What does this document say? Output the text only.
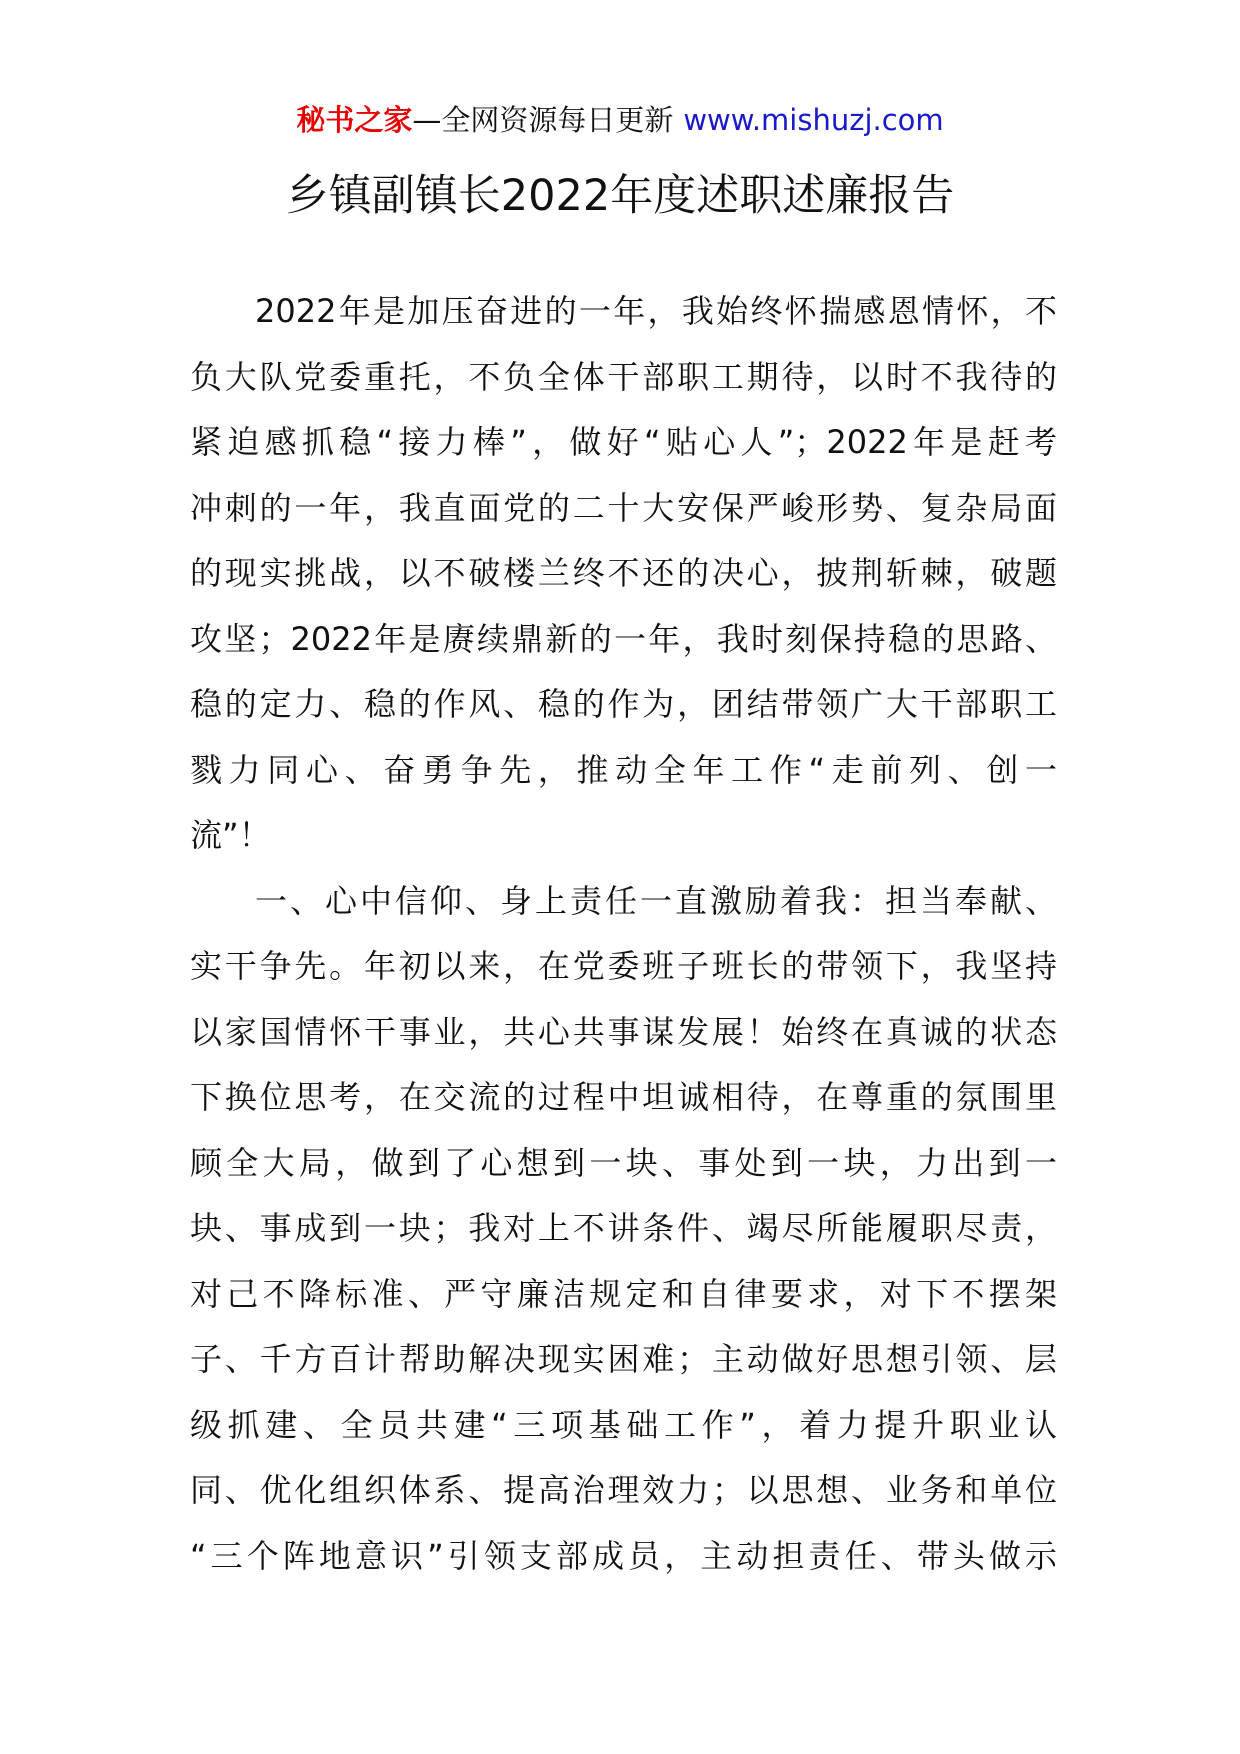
秘书之家—全网资源每日更新 www.mishuzj.com
乡镇副镇长2022年度述职述廉报告
2022年是加压奋进的一年，我始终怀揣感恩情怀，不
负大队党委重托，不负全体干部职工期待，以时不我待的
紧迫感抓稳“接力棒”，做好“贴心人”；2022年是赶考
冲刺的一年，我直面党的二十大安保严峻形势、复杂局面
的现实挑战，以不破楼兰终不还的决心，披荆斩棘，破题
攻坚；2022年是赓续鼎新的一年，我时刻保持稳的思路、
稳的定力、稳的作风、稳的作为，团结带领广大干部职工
戮力同心、奋勇争先，推动全年工作“走前列、创一
流”！
一、心中信仰、身上责任一直激励着我：担当奉献、
实干争先。年初以来，在党委班子班长的带领下，我坚持
以家国情怀干事业，共心共事谋发展！始终在真诚的状态
下换位思考，在交流的过程中坦诚相待，在尊重的氛围里
顾全大局，做到了心想到一块、事处到一块，力出到一
块、事成到一块；我对上不讲条件、竭尽所能履职尽责，
对己不降标准、严守廉洁规定和自律要求，对下不摆架
子、千方百计帮助解决现实困难；主动做好思想引领、层
级抓建、全员共建“三项基础工作”，着力提升职业认
同、优化组织体系、提高治理效力；以思想、业务和单位
“三个阵地意识”引领支部成员，主动担责任、带头做示
